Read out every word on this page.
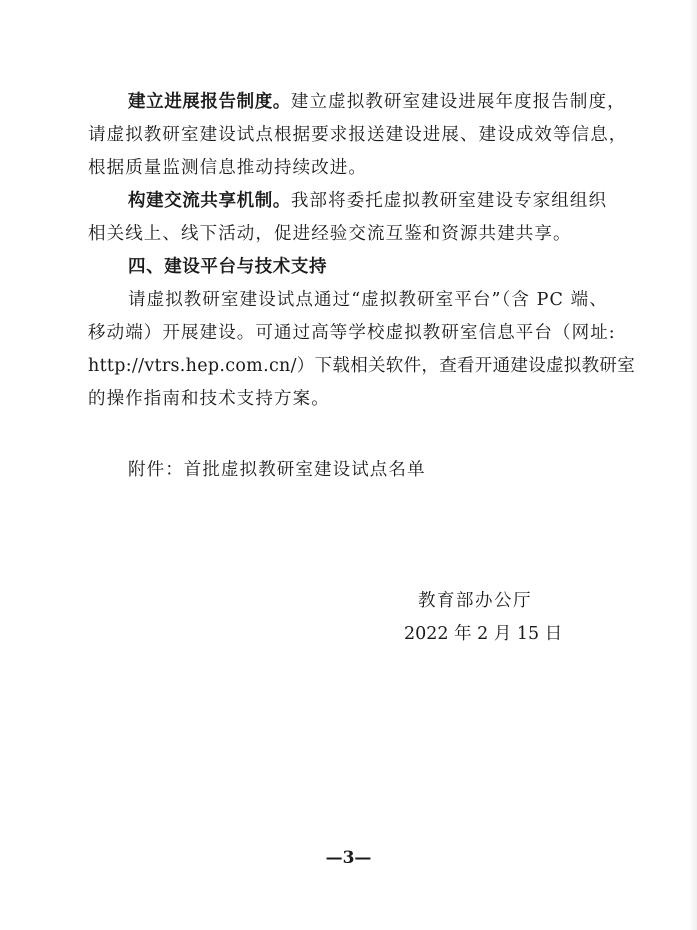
建立进展报告制度。建立虚拟教研室建设进展年度报告制度，
请虚拟教研室建设试点根据要求报送建设进展、建设成效等信息，
根据质量监测信息推动持续改进。
构建交流共享机制。我部将委托虚拟教研室建设专家组组织
相关线上、线下活动，促进经验交流互鉴和资源共建共享。
四、建设平台与技术支持
请虚拟教研室建设试点通过“虚拟教研室平台”（含 PC 端、
移动端）开展建设。可通过高等学校虚拟教研室信息平台（网址:
http://vtrs.hep.com.cn/）下载相关软件，查看开通建设虚拟教研室
的操作指南和技术支持方案。
附件：首批虚拟教研室建设试点名单
教育部办公厅
2022 年 2 月 15 日
—3—
